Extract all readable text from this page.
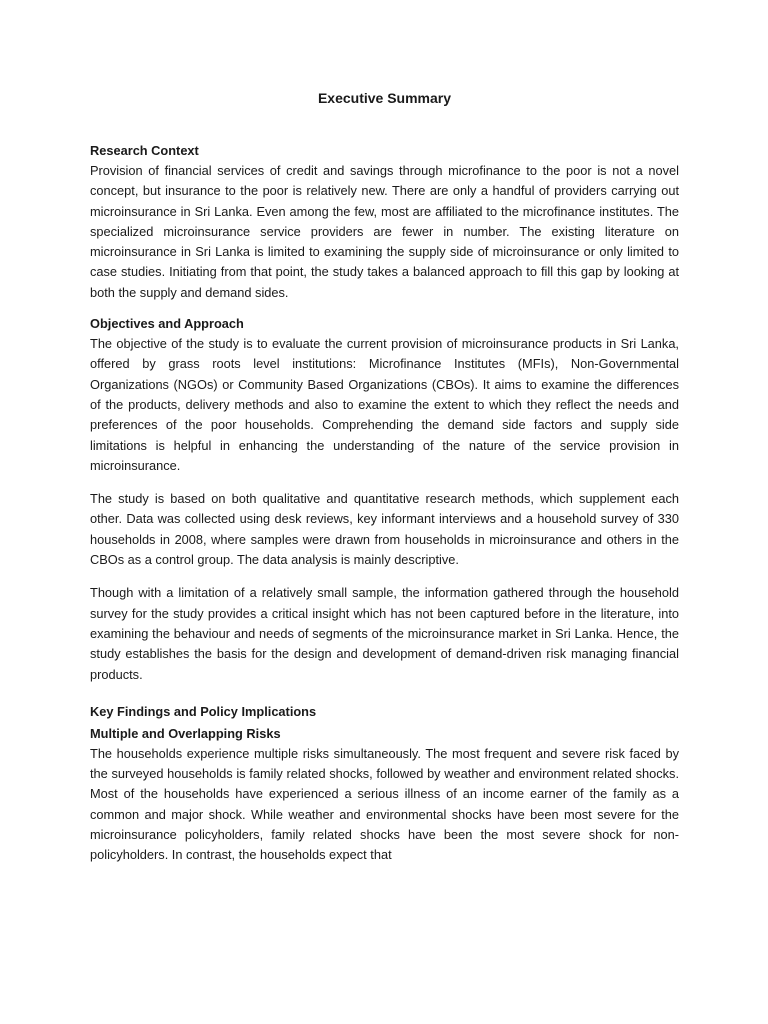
Executive Summary
Research Context

Provision of financial services of credit and savings through microfinance to the poor is not a novel concept, but insurance to the poor is relatively new. There are only a handful of providers carrying out microinsurance in Sri Lanka. Even among the few, most are affiliated to the microfinance institutes. The specialized microinsurance service providers are fewer in number. The existing literature on microinsurance in Sri Lanka is limited to examining the supply side of microinsurance or only limited to case studies. Initiating from that point, the study takes a balanced approach to fill this gap by looking at both the supply and demand sides.

Objectives and Approach

The objective of the study is to evaluate the current provision of microinsurance products in Sri Lanka, offered by grass roots level institutions: Microfinance Institutes (MFIs), Non-Governmental Organizations (NGOs) or Community Based Organizations (CBOs). It aims to examine the differences of the products, delivery methods and also to examine the extent to which they reflect the needs and preferences of the poor households. Comprehending the demand side factors and supply side limitations is helpful in enhancing the understanding of the nature of the service provision in microinsurance.

The study is based on both qualitative and quantitative research methods, which supplement each other. Data was collected using desk reviews, key informant interviews and a household survey of 330 households in 2008, where samples were drawn from households in microinsurance and others in the CBOs as a control group. The data analysis is mainly descriptive.

Though with a limitation of a relatively small sample, the information gathered through the household survey for the study provides a critical insight which has not been captured before in the literature, into examining the behaviour and needs of segments of the microinsurance market in Sri Lanka. Hence, the study establishes the basis for the design and development of demand-driven risk managing financial products.

Key Findings and Policy Implications
Multiple and Overlapping Risks

The households experience multiple risks simultaneously. The most frequent and severe risk faced by the surveyed households is family related shocks, followed by weather and environment related shocks. Most of the households have experienced a serious illness of an income earner of the family as a common and major shock. While weather and environmental shocks have been most severe for the microinsurance policyholders, family related shocks have been the most severe shock for non-policyholders. In contrast, the households expect that
